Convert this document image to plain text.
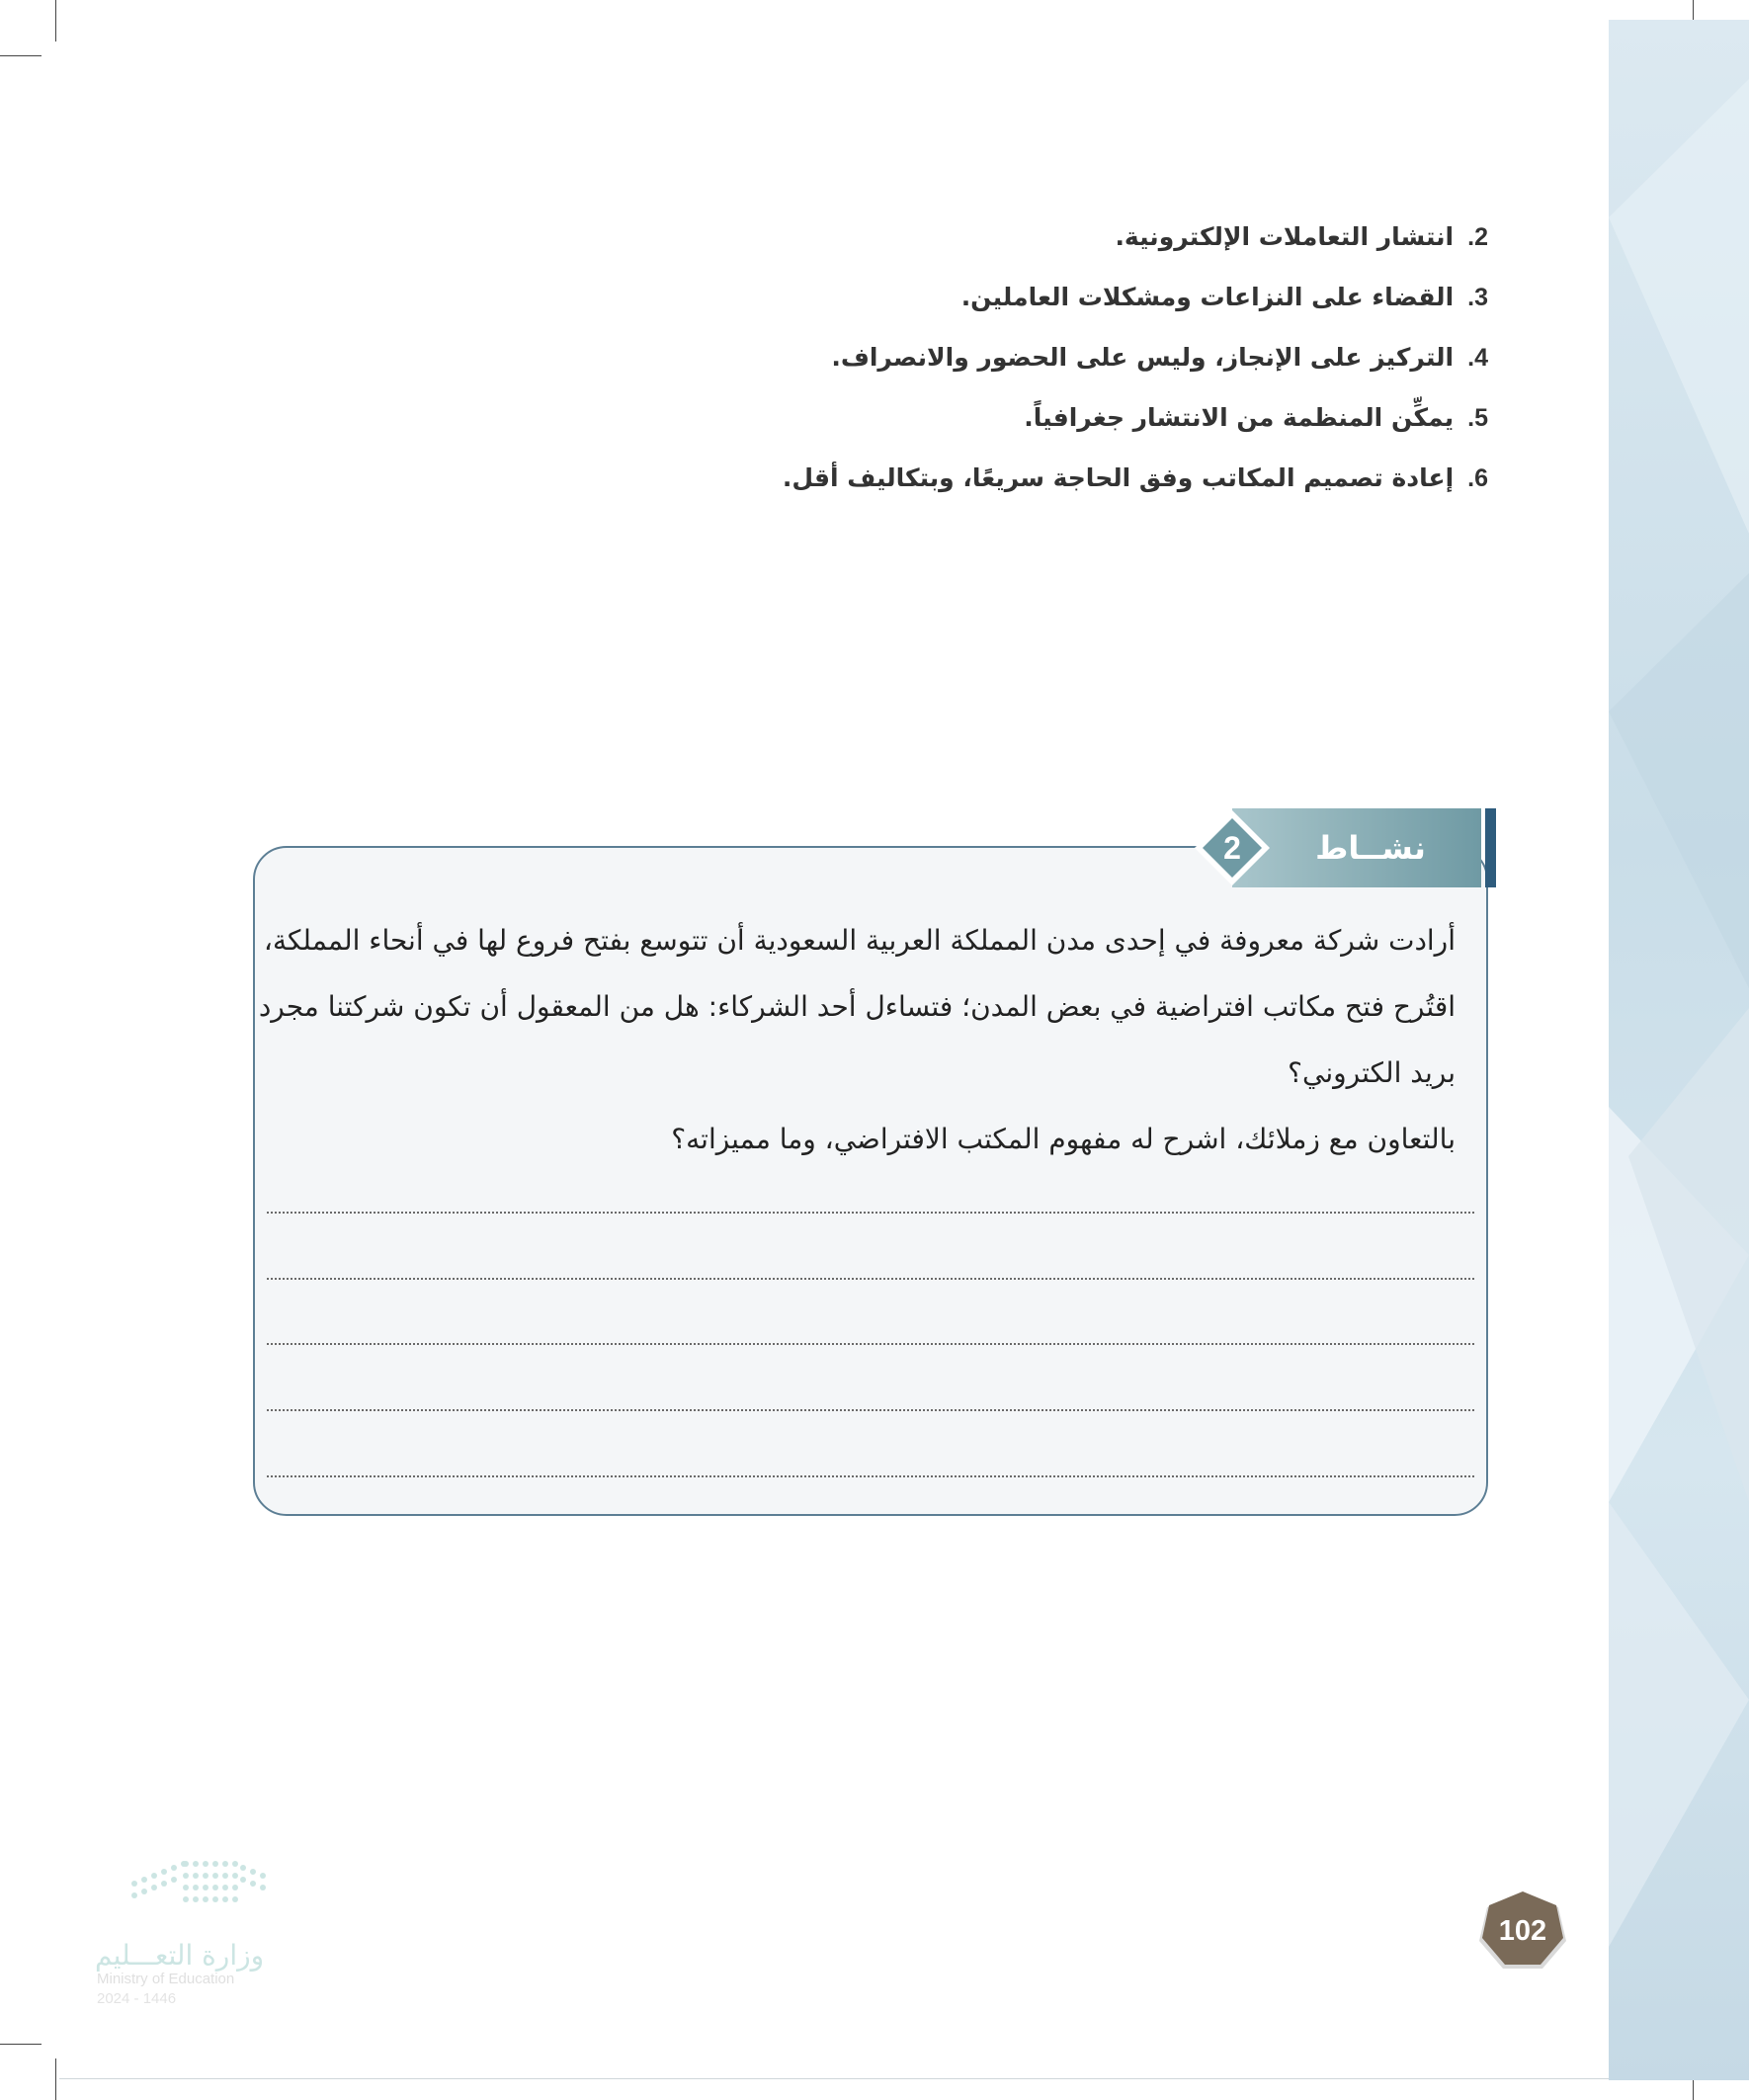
2.انتشار التعاملات الإلكترونية.
3.القضاء على النزاعات ومشكلات العاملين.
4.التركيز على الإنجاز، وليس على الحضور والانصراف.
5.يمكِّن المنظمة من الانتشار جغرافياً.
6.إعادة تصميم المكاتب وفق الحاجة سريعًا، وبتكاليف أقل.
2	نشــاط
أرادت شركة معروفة في إحدى مدن المملكة العربية السعودية أن تتوسع بفتح فروع لها في أنحاء المملكة،
اقتُرح فتح مكاتب افتراضية في بعض المدن؛ فتساءل أحد الشركاء: هل من المعقول أن تكون شركتنا مجرد
بريد الكتروني؟
بالتعاون مع زملائك، اشرح له مفهوم المكتب الافتراضي، وما مميزاته؟
وزارة التعـــليم
Ministry of Education
2024 - 1446
102
